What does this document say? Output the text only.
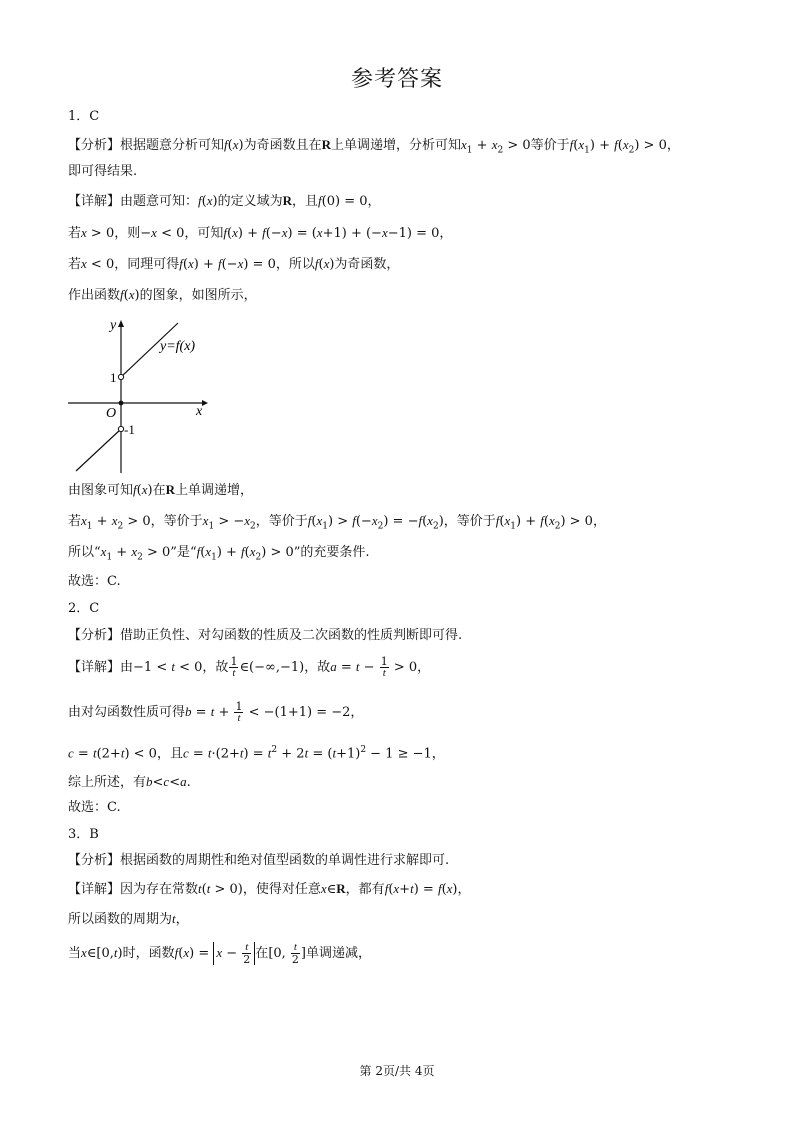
参考答案
1．C
【分析】根据题意分析可知f(x)为奇函数且在R上单调递增，分析可知$x_1 + x_2 > 0$等价于$f(x_1) + f(x_2) > 0$，
即可得结果.
【详解】由题意可知：f(x)的定义域为R，且f(0) = 0，
若x > 0，则−x < 0，可知f(x) + f(−x) = (x+1) + (−x−1) = 0，
若x < 0，同理可得f(x) + f(−x) = 0，所以f(x)为奇函数，
作出函数f(x)的图象，如图所示，
y
x
O
1
-1
y=f(x)
由图象可知f(x)在R上单调递增，
若$x_1 + x_2 > 0$，等价于$x_1 > -x_2$，等价于$f(x_1) > f(-x_2) = -f(x_2)$，等价于$f(x_1) + f(x_2) > 0$，
所以“$x_1 + x_2 > 0$”是“$f(x_1) + f(x_2) > 0$”的充要条件.
故选：C.
2．C
【分析】借助正负性、对勾函数的性质及二次函数的性质判断即可得.
【详解】由−1 < t < 0，故 $\frac{1}{t}$ ∈(−∞,−1)，故$a = t - \frac{1}{t} > 0$，
由对勾函数性质可得$b = t + \frac{1}{t} < -(1+1) = -2$，
c = t(2+t) < 0，且$c = t\cdot(2+t) = t^2 + 2t = (t+1)^2 - 1 \ge -1$，
综上所述，有b<c<a.
故选：C.
3．B
【分析】根据函数的周期性和绝对值型函数的单调性进行求解即可.
【详解】因为存在常数t(t > 0)，使得对任意x∈R，都有f(x+t) = f(x)，
所以函数的周期为t，
当x∈[0,t)时，函数$f(x) = x - \frac{t}{2}$ 在[0, $\frac{t}{2}$ ]单调递减，
第 2页/共 4页
